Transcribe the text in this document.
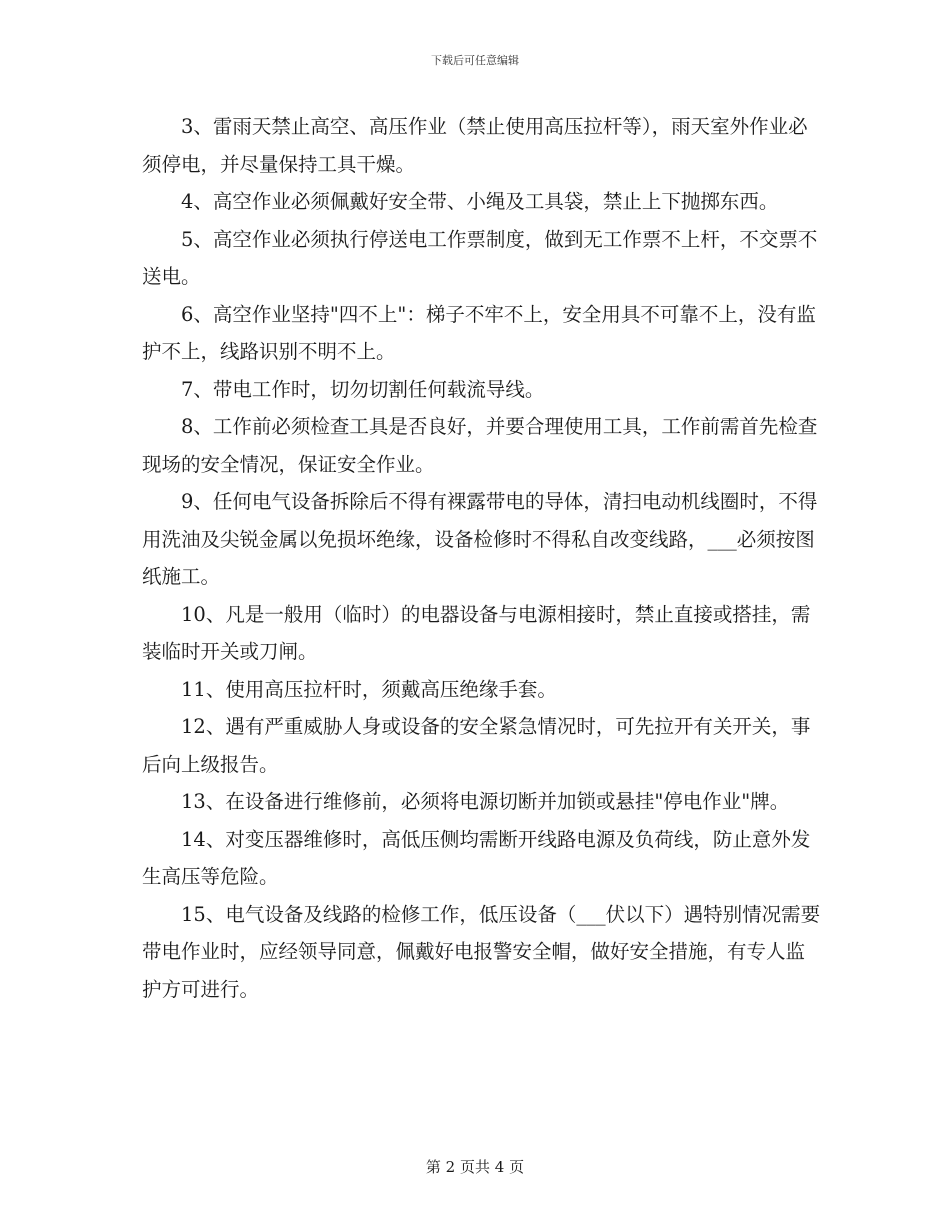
下载后可任意编辑

3、雷雨天禁止高空、高压作业（禁止使用高压拉杆等），雨天室外作业必须停电，并尽量保持工具干燥。

4、高空作业必须佩戴好安全带、小绳及工具袋，禁止上下抛掷东西。

5、高空作业必须执行停送电工作票制度，做到无工作票不上杆，不交票不送电。

6、高空作业坚持"四不上"：梯子不牢不上，安全用具不可靠不上，没有监护不上，线路识别不明不上。

7、带电工作时，切勿切割任何载流导线。

8、工作前必须检查工具是否良好，并要合理使用工具，工作前需首先检查现场的安全情况，保证安全作业。

9、任何电气设备拆除后不得有裸露带电的导体，清扫电动机线圈时，不得用洗油及尖锐金属以免损坏绝缘，设备检修时不得私自改变线路，___必须按图纸施工。

10、凡是一般用（临时）的电器设备与电源相接时，禁止直接或搭挂，需装临时开关或刀闸。

11、使用高压拉杆时，须戴高压绝缘手套。

12、遇有严重威胁人身或设备的安全紧急情况时，可先拉开有关开关，事后向上级报告。

13、在设备进行维修前，必须将电源切断并加锁或悬挂"停电作业"牌。

14、对变压器维修时，高低压侧均需断开线路电源及负荷线，防止意外发生高压等危险。

15、电气设备及线路的检修工作，低压设备（___伏以下）遇特别情况需要带电作业时，应经领导同意，佩戴好电报警安全帽，做好安全措施，有专人监护方可进行。

第 2 页共 4 页
